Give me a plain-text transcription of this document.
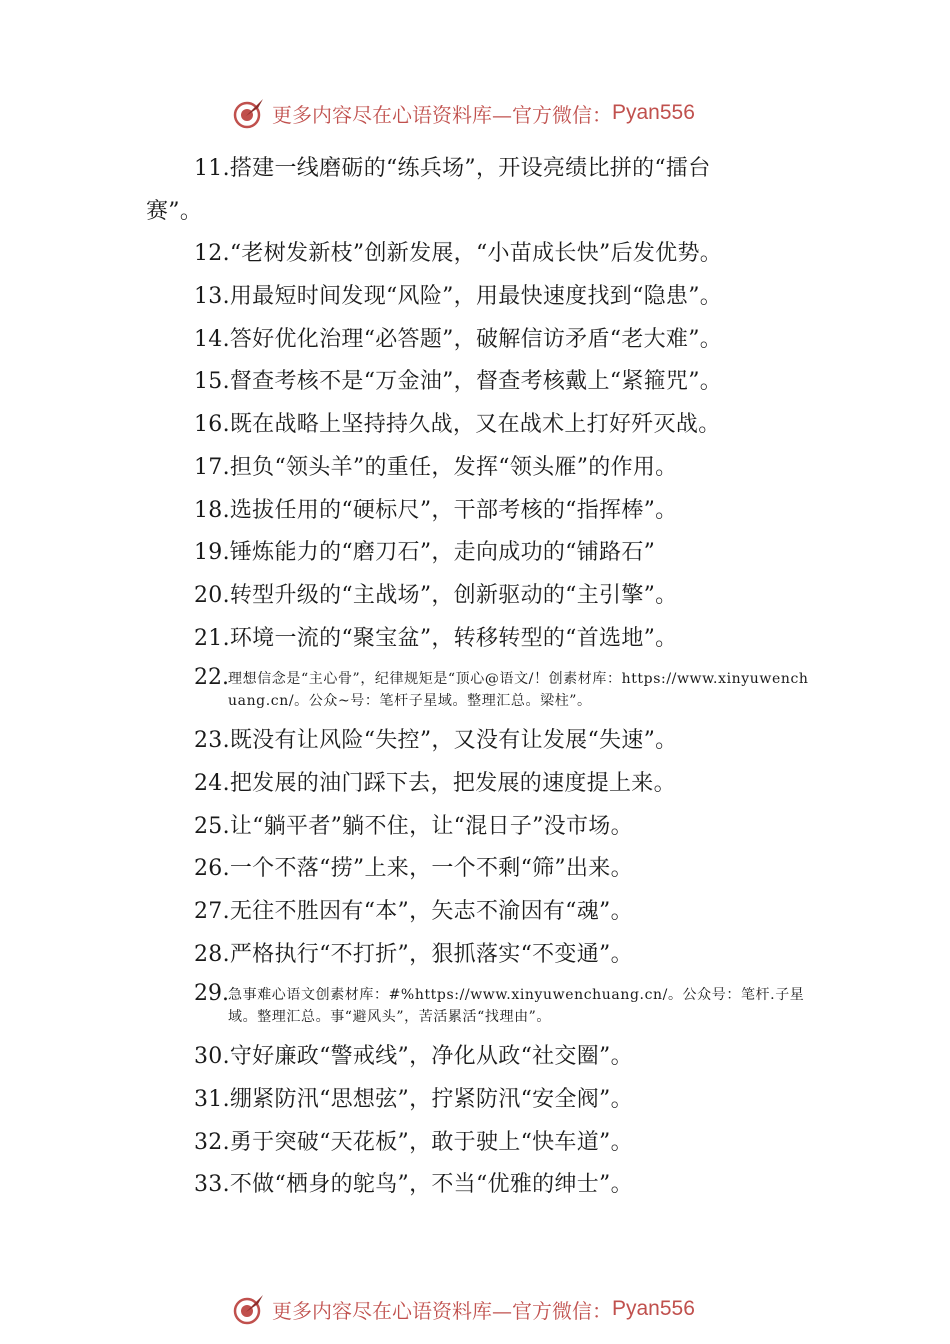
更多内容尽在心语资料库—官方微信： Pyan556
11.搭建一线磨砺的“练兵场”，开设亮绩比拼的“擂台
赛”。
12.“老树发新枝”创新发展，“小苗成长快”后发优势。
13.用最短时间发现“风险”，用最快速度找到“隐患”。
14.答好优化治理“必答题”，破解信访矛盾“老大难”。
15.督查考核不是“万金油”，督查考核戴上“紧箍咒”。
16.既在战略上坚持持久战，又在战术上打好歼灭战。
17.担负“领头羊”的重任，发挥“领头雁”的作用。
18.选拔任用的“硬标尺”，干部考核的“指挥棒”。
19.锤炼能力的“磨刀石”，走向成功的“铺路石”
20.转型升级的“主战场”，创新驱动的“主引擎”。
21.环境一流的“聚宝盆”，转移转型的“首选地”。
22. 理想信念是“主心骨”，纪律规矩是“顶心@语文/！创素材库：https://www.xinyuwenchuang.cn/。公众~号：笔杆子星域。整理汇总。梁柱”。
23.既没有让风险“失控”，又没有让发展“失速”。
24.把发展的油门踩下去，把发展的速度提上来。
25.让“躺平者”躺不住，让“混日子”没市场。
26.一个不落“捞”上来，一个不剩“筛”出来。
27.无往不胜因有“本”，矢志不渝因有“魂”。
28.严格执行“不打折”，狠抓落实“不变通”。
29. 急事难心语文创素材库：#%https://www.xinyuwenchuang.cn/。公众号：笔杆.子星域。整理汇总。事“避风头”，苦活累活“找理由”。
30.守好廉政“警戒线”，净化从政“社交圈”。
31.绷紧防汛“思想弦”，拧紧防汛“安全阀”。
32.勇于突破“天花板”，敢于驶上“快车道”。
33.不做“栖身的鸵鸟”，不当“优雅的绅士”。
更多内容尽在心语资料库—官方微信： Pyan556
